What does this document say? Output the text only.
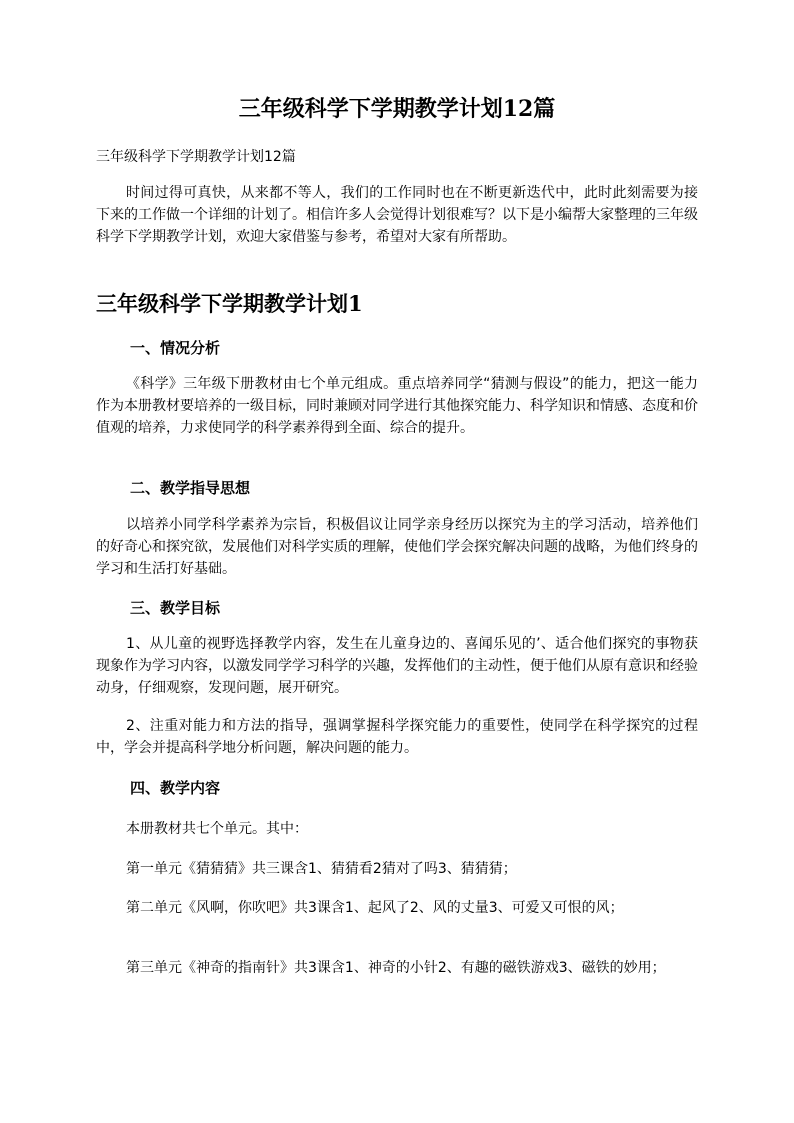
三年级科学下学期教学计划12篇
三年级科学下学期教学计划12篇
时间过得可真快，从来都不等人，我们的工作同时也在不断更新迭代中，此时此刻需要为接下来的工作做一个详细的计划了。相信许多人会觉得计划很难写？以下是小编帮大家整理的三年级科学下学期教学计划，欢迎大家借鉴与参考，希望对大家有所帮助。
三年级科学下学期教学计划1
一、情况分析
《科学》三年级下册教材由七个单元组成。重点培养同学“猜测与假设”的能力，把这一能力作为本册教材要培养的一级目标，同时兼顾对同学进行其他探究能力、科学知识和情感、态度和价值观的培养，力求使同学的科学素养得到全面、综合的提升。
二、教学指导思想
以培养小同学科学素养为宗旨，积极倡议让同学亲身经历以探究为主的学习活动，培养他们的好奇心和探究欲，发展他们对科学实质的理解，使他们学会探究解决问题的战略，为他们终身的学习和生活打好基础。
三、教学目标
1、从儿童的视野选择教学内容，发生在儿童身边的、喜闻乐见的’、适合他们探究的事物获现象作为学习内容，以激发同学学习科学的兴趣，发挥他们的主动性，便于他们从原有意识和经验动身，仔细观察，发现问题，展开研究。
2、注重对能力和方法的指导，强调掌握科学探究能力的重要性，使同学在科学探究的过程中，学会并提高科学地分析问题，解决问题的能力。
四、教学内容
本册教材共七个单元。其中：
第一单元《猜猜猜》共三课含1、猜猜看2猜对了吗3、猜猜猜；
第二单元《风啊，你吹吧》共3课含1、起风了2、风的丈量3、可爱又可恨的风；
第三单元《神奇的指南针》共3课含1、神奇的小针2、有趣的磁铁游戏3、磁铁的妙用；
